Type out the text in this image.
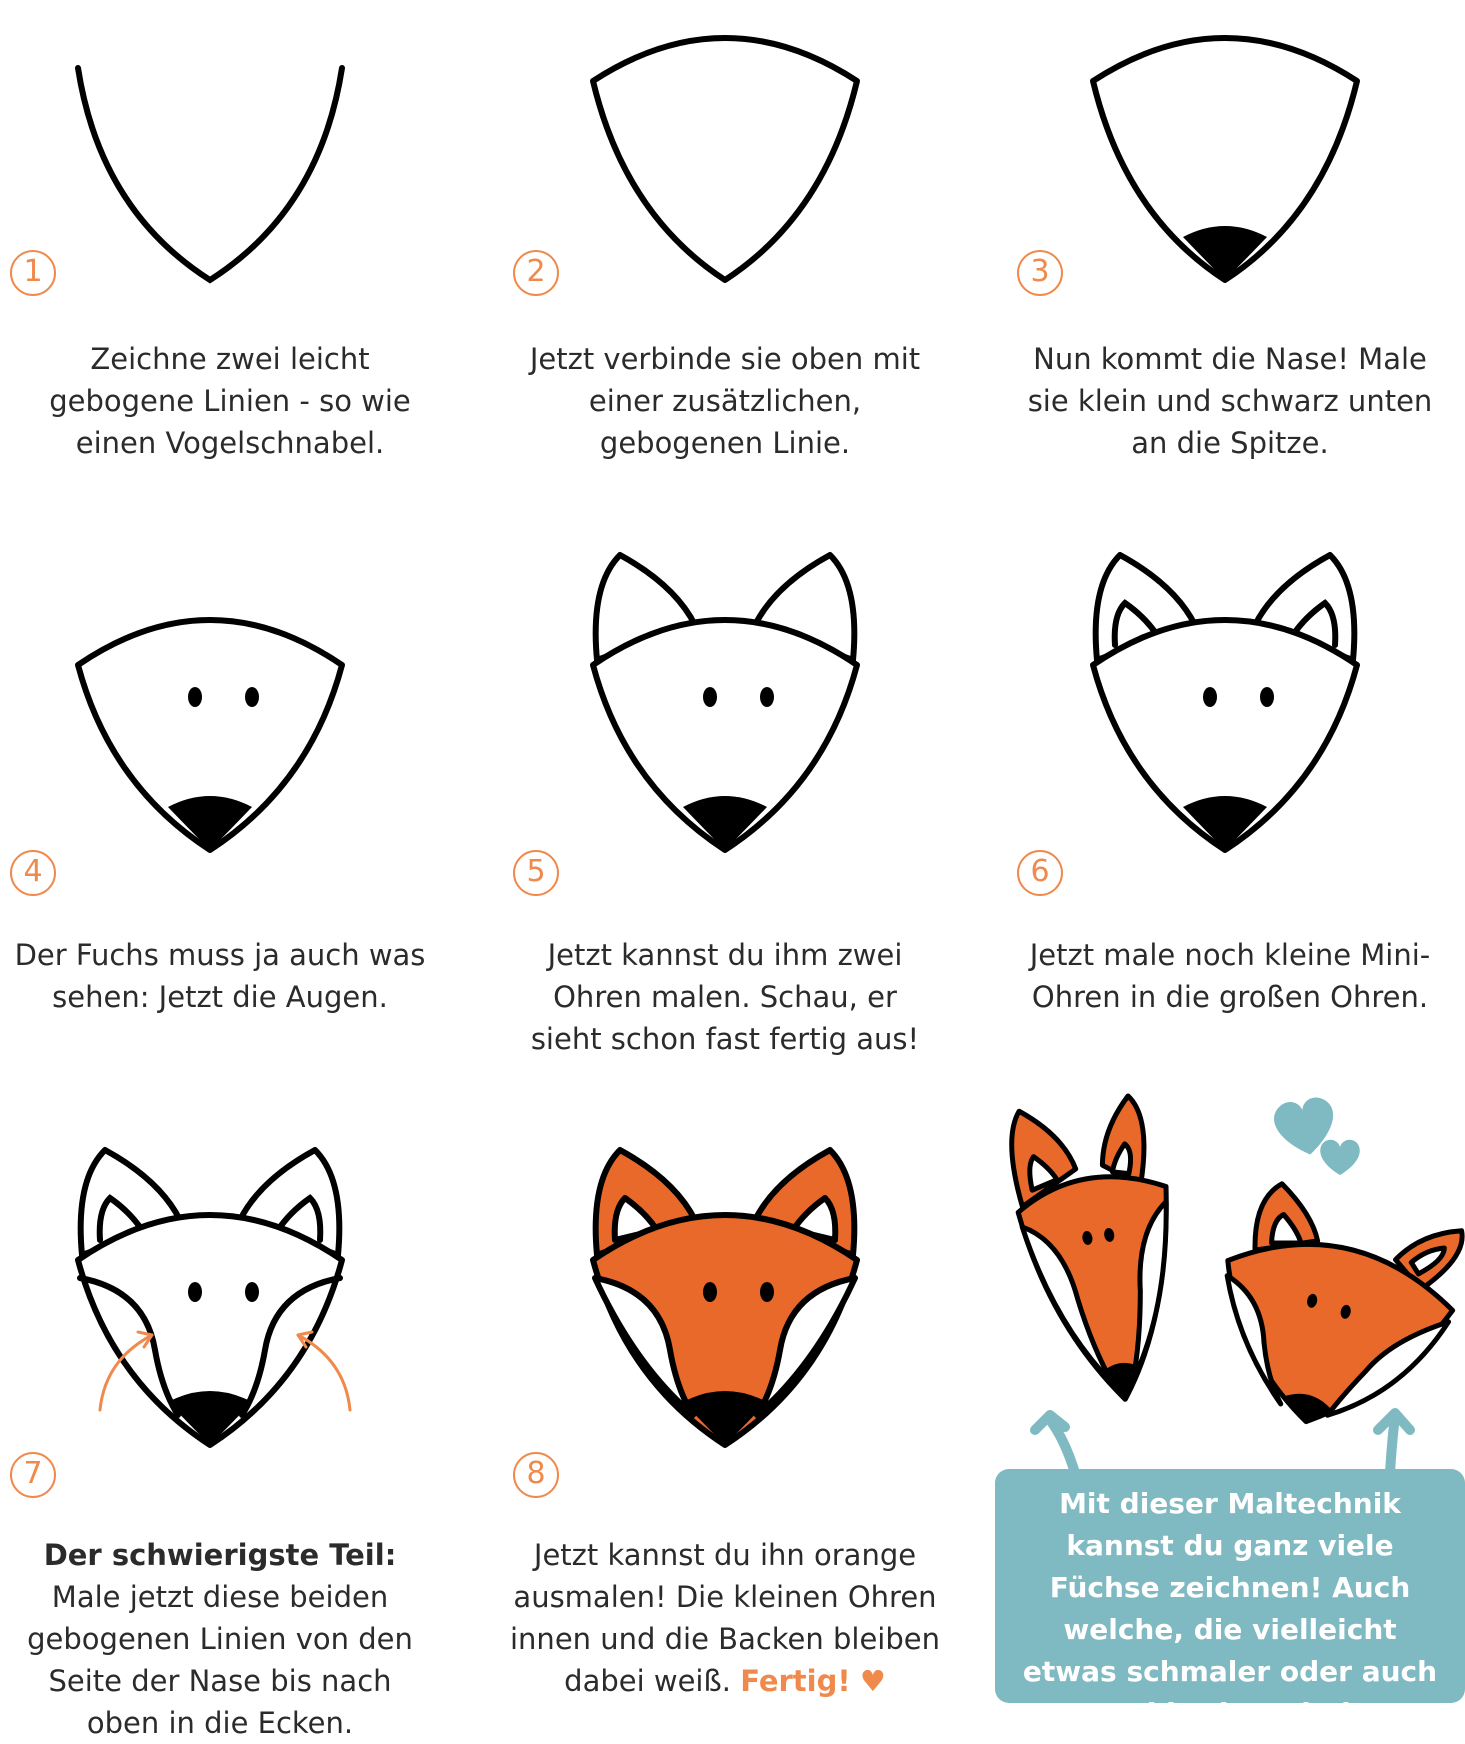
1
Zeichne zwei leicht gebogene Linien - so wie einen Vogelschnabel.
2
Jetzt verbinde sie oben mit einer zusätzlichen, gebogenen Linie.
3
Nun kommt die Nase! Male sie klein und schwarz unten an die Spitze.
4
Der Fuchs muss ja auch was sehen: Jetzt die Augen.
5
Jetzt kannst du ihm zwei Ohren malen. Schau, er sieht schon fast fertig aus!
6
Jetzt male noch kleine Mini-Ohren in die großen Ohren.
7
Der schwierigste Teil: Male jetzt diese beiden gebogenen Linien von den Seite der Nase bis nach oben in die Ecken.
8
Jetzt kannst du ihn orange ausmalen! Die kleinen Ohren innen und die Backen bleiben dabei weiß. Fertig! ♥
Mit dieser Maltechnik kannst du ganz viele Füchse zeichnen! Auch welche, die vielleicht etwas schmaler oder auch mal breiter sind.
